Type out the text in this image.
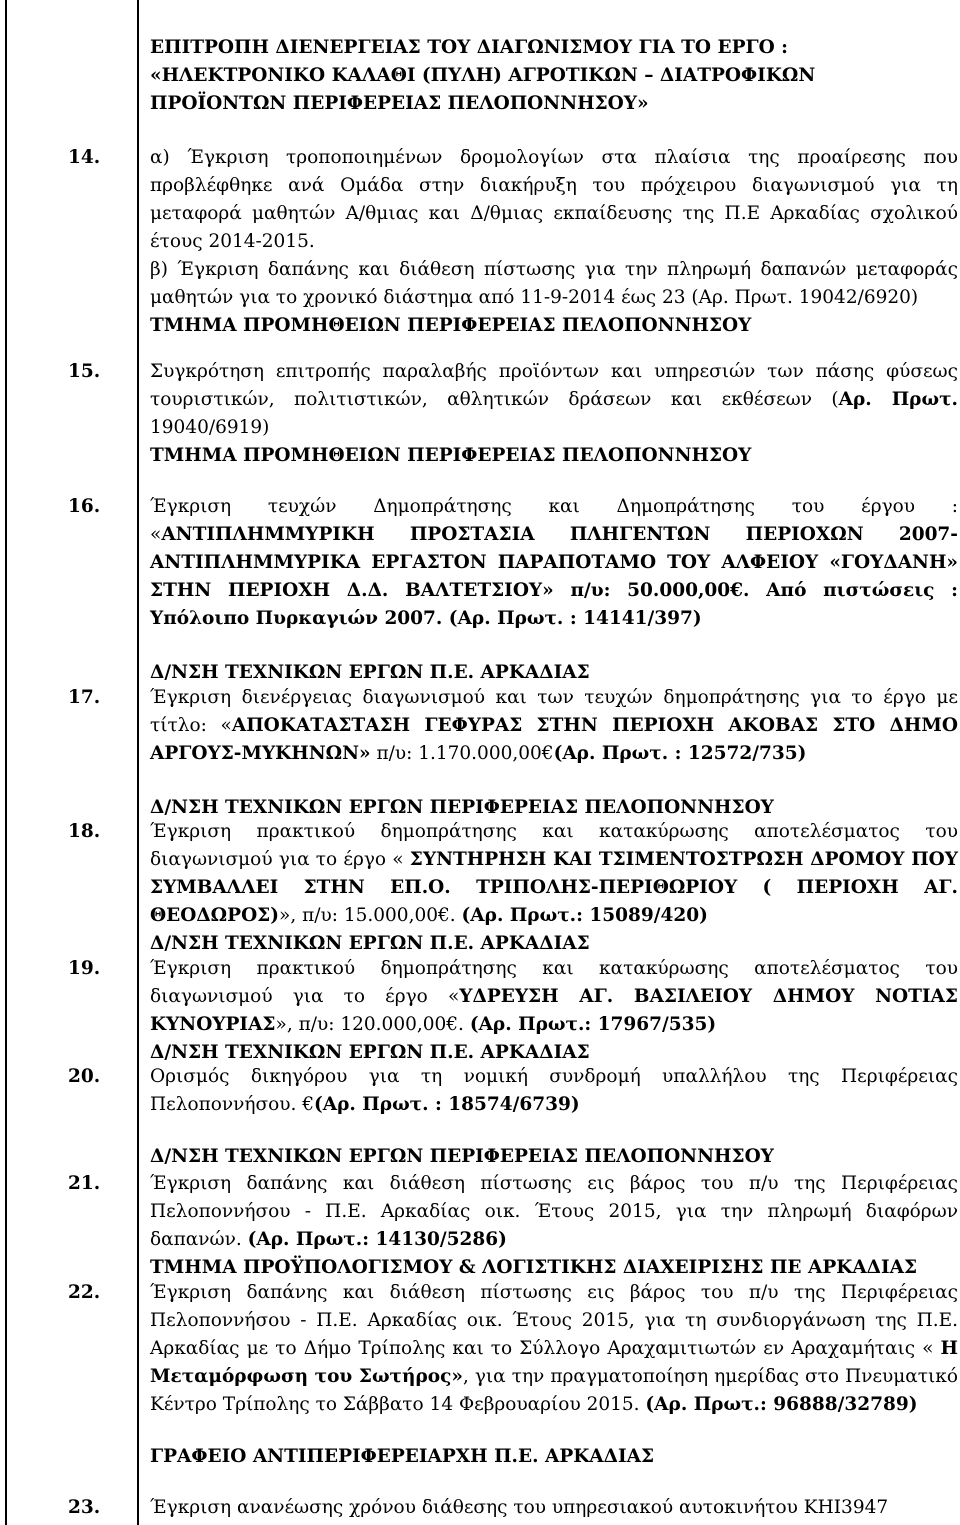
ΕΠΙΤΡΟΠΗ ΔΙΕΝΕΡΓΕΙΑΣ ΤΟΥ ΔΙΑΓΩΝΙΣΜΟΥ ΓΙΑ ΤΟ ΕΡΓΟ : «ΗΛΕΚΤΡΟΝΙΚΟ ΚΑΛΑΘΙ (ΠΥΛΗ) ΑΓΡΟΤΙΚΩΝ – ΔΙΑΤΡΟΦΙΚΩΝ ΠΡΟΪΟΝΤΩΝ ΠΕΡΙΦΕΡΕΙΑΣ ΠΕΛΟΠΟΝΝΗΣΟΥ»
14.	α) Έγκριση τροποποιημένων δρομολογίων στα πλαίσια της προαίρεσης που προβλέφθηκε ανά Ομάδα στην διακήρυξη του πρόχειρου διαγωνισμού για τη μεταφορά μαθητών Α/θμιας και Δ/θμιας εκπαίδευσης της Π.Ε Αρκαδίας σχολικού έτους 2014-2015.

β) Έγκριση δαπάνης και διάθεση πίστωσης για την πληρωμή δαπανών μεταφοράς μαθητών για το χρονικό διάστημα από 11-9-2014 έως 23 (Αρ. Πρωτ. 19042/6920)

ΤΜΗΜΑ ΠΡΟΜΗΘΕΙΩΝ ΠΕΡΙΦΕΡΕΙΑΣ ΠΕΛΟΠΟΝΝΗΣΟΥ

15.	Συγκρότηση επιτροπής παραλαβής προϊόντων και υπηρεσιών των πάσης φύσεως τουριστικών, πολιτιστικών, αθλητικών δράσεων και εκθέσεων (Αρ. Πρωτ. 19040/6919)

ΤΜΗΜΑ ΠΡΟΜΗΘΕΙΩΝ ΠΕΡΙΦΕΡΕΙΑΣ ΠΕΛΟΠΟΝΝΗΣΟΥ

16.	Έγκριση τευχών Δημοπράτησης και Δημοπράτησης του έργου : «ΑΝΤΙΠΛΗΜΜΥΡΙΚΗ ΠΡΟΣΤΑΣΙΑ ΠΛΗΓΕΝΤΩΝ ΠΕΡΙΟΧΩΝ 2007- ΑΝΤΙΠΛΗΜΜΥΡΙΚΑ ΕΡΓΑΣΤΟΝ ΠΑΡΑΠΟΤΑΜΟ ΤΟΥ ΑΛΦΕΙΟΥ «ΓΟΥΔΑΝΗ» ΣΤΗΝ ΠΕΡΙΟΧΗ Δ.Δ. ΒΑΛΤΕΤΣΙΟΥ» π/υ: 50.000,00€. Από πιστώσεις : Υπόλοιπο Πυρκαγιών 2007. (Αρ. Πρωτ. : 14141/397)

Δ/ΝΣΗ ΤΕΧΝΙΚΩΝ ΕΡΓΩΝ Π.Ε. ΑΡΚΑΔΙΑΣ

17.	Έγκριση διενέργειας διαγωνισμού και των τευχών δημοπράτησης για το έργο με τίτλο: «ΑΠΟΚΑΤΑΣΤΑΣΗ ΓΕΦΥΡΑΣ ΣΤΗΝ ΠΕΡΙΟΧΗ ΑΚΟΒΑΣ ΣΤΟ ΔΗΜΟ ΑΡΓΟΥΣ-ΜΥΚΗΝΩΝ» π/υ: 1.170.000,00€(Αρ. Πρωτ. : 12572/735)

Δ/ΝΣΗ ΤΕΧΝΙΚΩΝ ΕΡΓΩΝ ΠΕΡΙΦΕΡΕΙΑΣ ΠΕΛΟΠΟΝΝΗΣΟΥ

18.	Έγκριση πρακτικού δημοπράτησης και κατακύρωσης αποτελέσματος του διαγωνισμού για το έργο « ΣΥΝΤΗΡΗΣΗ ΚΑΙ ΤΣΙΜΕΝΤΟΣΤΡΩΣΗ ΔΡΟΜΟΥ ΠΟΥ ΣΥΜΒΑΛΛΕΙ ΣΤΗΝ ΕΠ.Ο. ΤΡΙΠΟΛΗΣ-ΠΕΡΙΘΩΡΙΟΥ ( ΠΕΡΙΟΧΗ ΑΓ. ΘΕΟΔΩΡΟΣ)», π/υ: 15.000,00€. (Αρ. Πρωτ.: 15089/420)

Δ/ΝΣΗ ΤΕΧΝΙΚΩΝ ΕΡΓΩΝ Π.Ε. ΑΡΚΑΔΙΑΣ

19.	Έγκριση πρακτικού δημοπράτησης και κατακύρωσης αποτελέσματος του διαγωνισμού για το έργο «ΥΔΡΕΥΣΗ ΑΓ. ΒΑΣΙΛΕΙΟΥ ΔΗΜΟΥ ΝΟΤΙΑΣ ΚΥΝΟΥΡΙΑΣ», π/υ: 120.000,00€. (Αρ. Πρωτ.: 17967/535)

Δ/ΝΣΗ ΤΕΧΝΙΚΩΝ ΕΡΓΩΝ Π.Ε. ΑΡΚΑΔΙΑΣ

20.	Ορισμός δικηγόρου για τη νομική συνδρομή υπαλλήλου της Περιφέρειας Πελοποννήσου. €(Αρ. Πρωτ. : 18574/6739)

Δ/ΝΣΗ ΤΕΧΝΙΚΩΝ ΕΡΓΩΝ ΠΕΡΙΦΕΡΕΙΑΣ ΠΕΛΟΠΟΝΝΗΣΟΥ

21.	Έγκριση δαπάνης και διάθεση πίστωσης εις βάρος του π/υ της Περιφέρειας Πελοποννήσου - Π.Ε. Αρκαδίας οικ. Έτους 2015, για την πληρωμή διαφόρων δαπανών. (Αρ. Πρωτ.: 14130/5286)

ΤΜΗΜΑ ΠΡΟΫΠΟΛΟΓΙΣΜΟΥ & ΛΟΓΙΣΤΙΚΗΣ ΔΙΑΧΕΙΡΙΣΗΣ ΠΕ ΑΡΚΑΔΙΑΣ

22.	Έγκριση δαπάνης και διάθεση πίστωσης εις βάρος του π/υ της Περιφέρειας Πελοποννήσου - Π.Ε. Αρκαδίας οικ. Έτους 2015, για τη συνδιοργάνωση της Π.Ε. Αρκαδίας με το Δήμο Τρίπολης και το Σύλλογο Αραχαμιτιωτών εν Αραχαμήταις « Η Μεταμόρφωση του Σωτήρος», για την πραγματοποίηση ημερίδας στο Πνευματικό Κέντρο Τρίπολης το Σάββατο 14 Φεβρουαρίου 2015. (Αρ. Πρωτ.: 96888/32789)

ΓΡΑΦΕΙΟ ΑΝΤΙΠΕΡΙΦΕΡΕΙΑΡΧΗ Π.Ε. ΑΡΚΑΔΙΑΣ

23.	Έγκριση ανανέωσης χρόνου διάθεσης του υπηρεσιακού αυτοκινήτου ΚΗΙ3947
